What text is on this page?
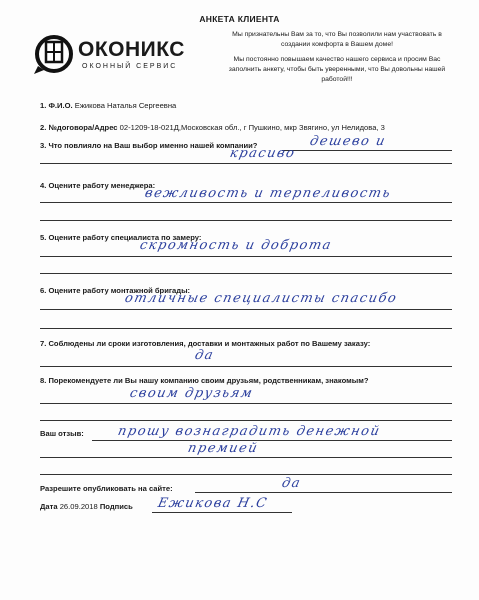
АНКЕТА КЛИЕНТА
ОКОНИКС
ОКОННЫЙ СЕРВИС

Мы признательны Вам за то, что Вы позволили нам участвовать в создании комфорта в Вашем доме!

Мы постоянно повышаем качество нашего сервиса и просим Вас заполнить анкету, чтобы быть уверенными, что Вы довольны нашей работой!!!

1. Ф.И.О. Ежикова Наталья Сергеевна
2. №договора/Адрес 02-1209-18-021Д,Московская обл., г Пушкино, мкр Звягино, ул Нелидова, 3
3. Что повлияло на Ваш выбор именно нашей компании?	дешево и
красиво
4. Оцените работу менеджера:
вежливость и терпеливость
5. Оцените работу специалиста по замеру:
скромность и доброта
6. Оцените работу монтажной бригады:
отличные специалисты спасибо
7. Соблюдены ли сроки изготовления, доставки и монтажных работ по Вашему заказу:
да
8. Порекомендуете ли Вы нашу компанию своим друзьям, родственникам, знакомым?
своим друзьям
Ваш отзыв:	прошу вознаградить денежной
премией
Разрешите опубликовать на сайте:	да
Дата 26.09.2018 Подпись Ежикова Н.С
